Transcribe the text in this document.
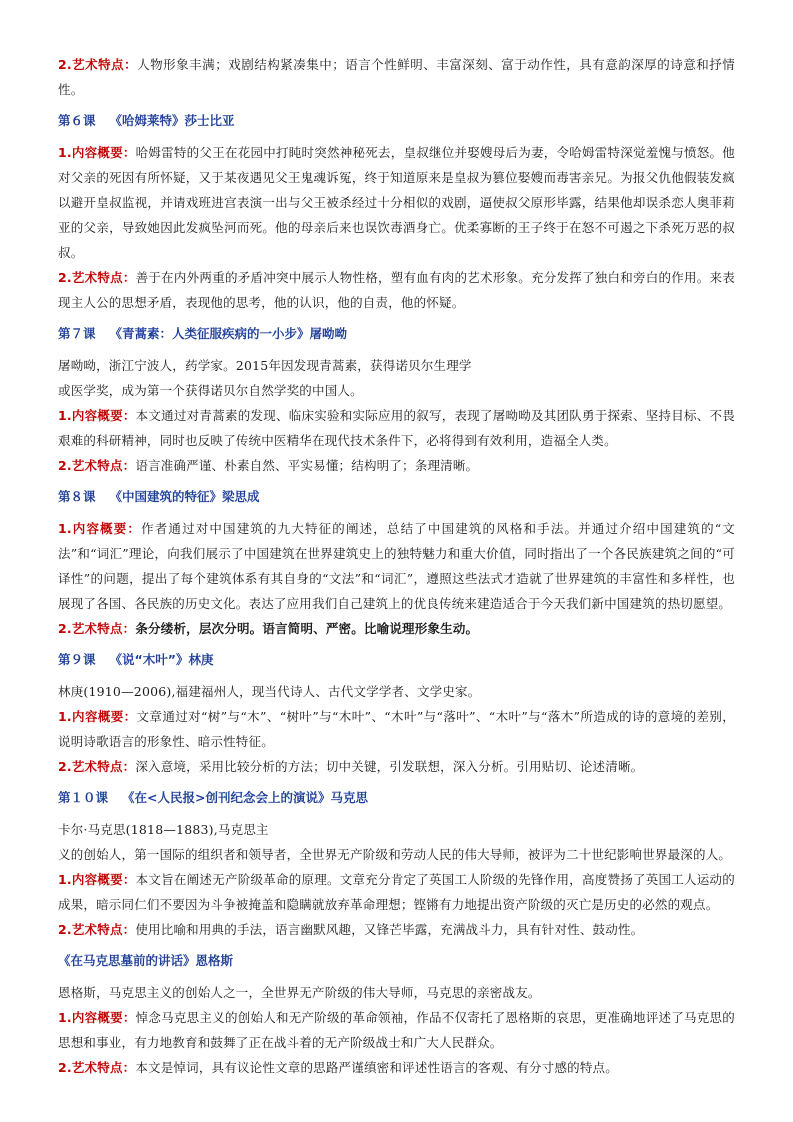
2.艺术特点：人物形象丰满；戏剧结构紧凑集中；语言个性鲜明、丰富深刻、富于动作性，具有意韵深厚的诗意和抒情性。

第６课 《哈姆莱特》莎士比亚

1.内容概要：哈姆雷特的父王在花园中打盹时突然神秘死去，皇叔继位并娶嫂母后为妻，令哈姆雷特深觉羞愧与愤怒。他对父亲的死因有所怀疑，又于某夜遇见父王鬼魂诉冤，终于知道原来是皇叔为篡位娶嫂而毒害亲兄。为报父仇他假装发疯以避开皇叔监视，并请戏班进宫表演一出与父王被杀经过十分相似的戏剧，逼使叔父原形毕露，结果他却误杀恋人奥菲莉亚的父亲，导致她因此发疯坠河而死。他的母亲后来也误饮毒酒身亡。优柔寡断的王子终于在怒不可遏之下杀死万恶的叔叔。

2.艺术特点：善于在内外两重的矛盾冲突中展示人物性格，塑有血有肉的艺术形象。充分发挥了独白和旁白的作用。来表现主人公的思想矛盾，表现他的思考，他的认识，他的自责，他的怀疑。

第７课 《青蒿素：人类征服疾病的一小步》屠呦呦

屠呦呦，浙江宁波人，药学家。2015年因发现青蒿素，获得诺贝尔生理学

或医学奖，成为第一个获得诺贝尔自然学奖的中国人。

1.内容概要：本文通过对青蒿素的发现、临床实验和实际应用的叙写，表现了屠呦呦及其团队勇于探索、坚持目标、不畏艰难的科研精神，同时也反映了传统中医精华在现代技术条件下，必将得到有效利用，造福全人类。

2.艺术特点：语言准确严谨、朴素自然、平实易懂；结构明了；条理清晰。

第８课 《中国建筑的特征》梁思成

1.内容概要：作者通过对中国建筑的九大特征的阐述，总结了中国建筑的风格和手法。并通过介绍中国建筑的“文法”和“词汇”理论，向我们展示了中国建筑在世界建筑史上的独特魅力和重大价值，同时指出了一个各民族建筑之间的“可译性”的问题，提出了每个建筑体系有其自身的“文法”和“词汇”，遵照这些法式才造就了世界建筑的丰富性和多样性，也展现了各国、各民族的历史文化。表达了应用我们自己建筑上的优良传统来建造适合于今天我们新中国建筑的热切愿望。

2.艺术特点：条分缕析，层次分明。语言简明、严密。比喻说理形象生动。

第９课 《说“木叶”》林庚

林庚(1910—2006),福建福州人，现当代诗人、古代文学学者、文学史家。

1.内容概要：文章通过对“树”与“木”、“树叶”与“木叶”、“木叶”与“落叶”、“木叶”与“落木”所造成的诗的意境的差别，说明诗歌语言的形象性、暗示性特征。

2.艺术特点：深入意境，采用比较分析的方法；切中关键，引发联想，深入分析。引用贴切、论述清晰。

第１０课 《在<人民报>创刊纪念会上的演说》马克思

卡尔·马克思(1818—1883),马克思主

义的创始人，第一国际的组织者和领导者，全世界无产阶级和劳动人民的伟大导师，被评为二十世纪影响世界最深的人。

1.内容概要：本文旨在阐述无产阶级革命的原理。文章充分肯定了英国工人阶级的先锋作用，高度赞扬了英国工人运动的成果，暗示同仁们不要因为斗争被掩盖和隐瞒就放弃革命理想；铿锵有力地提出资产阶级的灭亡是历史的必然的观点。

2.艺术特点：使用比喻和用典的手法，语言幽默风趣，又锋芒毕露，充满战斗力，具有针对性、鼓动性。

《在马克思墓前的讲话》恩格斯

恩格斯，马克思主义的创始人之一，全世界无产阶级的伟大导师，马克思的亲密战友。

1.内容概要：悼念马克思主义的创始人和无产阶级的革命领袖，作品不仅寄托了恩格斯的哀思，更准确地评述了马克思的思想和事业，有力地教育和鼓舞了正在战斗着的无产阶级战士和广大人民群众。

2.艺术特点：本文是悼词，具有议论性文章的思路严谨缜密和评述性语言的客观、有分寸感的特点。
